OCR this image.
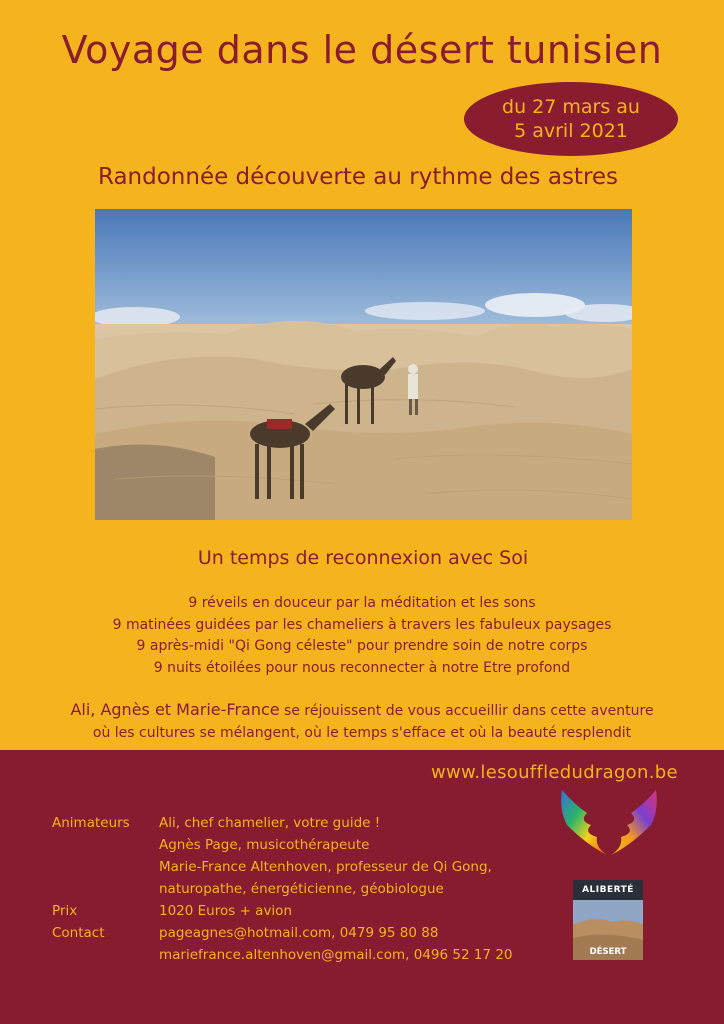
Voyage dans le désert tunisien
du 27 mars au
5 avril 2021
Randonnée découverte au rythme des astres
Un temps de reconnexion avec Soi
9 réveils en douceur par la méditation et les sons
9 matinées guidées par les chameliers à travers les fabuleux paysages
9 après-midi "Qi Gong céleste" pour prendre soin de notre corps
9 nuits étoilées pour nous reconnecter à notre Etre profond
Ali, Agnès et Marie-France se réjouissent de vous accueillir dans cette aventure
où les cultures se mélangent, où le temps s'efface et où la beauté resplendit
www.lesouffledudragon.be
Animateurs Ali, chef chamelier, votre guide !
Agnès Page, musicothérapeute
Marie-France Altenhoven, professeur de Qi Gong,
naturopathe, énergéticienne, géobiologue
Prix	1020 Euros + avion
Contact	pageagnes@hotmail.com, 0479 95 80 88
mariefrance.altenhoven@gmail.com, 0496 52 17 20
ALIBERTÉ
DÉSERT
